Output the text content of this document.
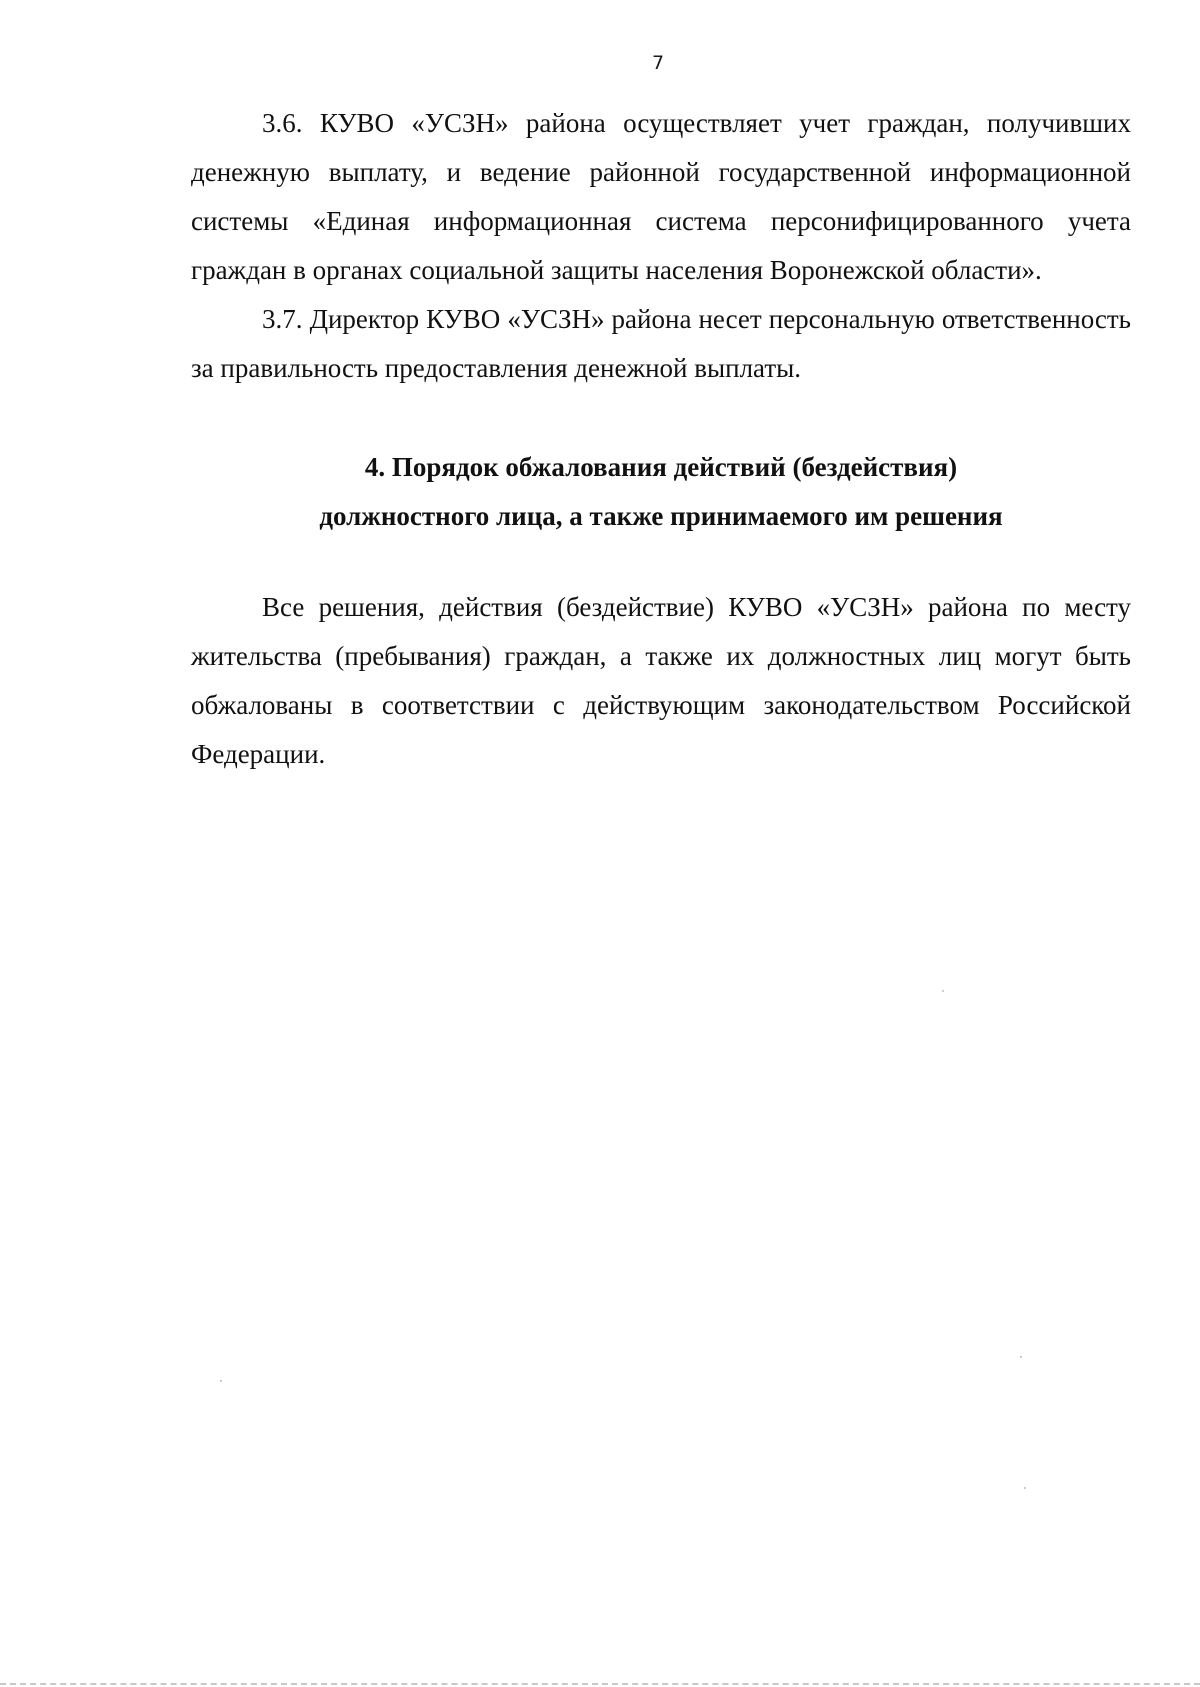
7

3.6. КУВО «УСЗН» района осуществляет учет граждан, получивших денежную выплату, и ведение районной государственной информационной системы «Единая информационная система персонифицированного учета граждан в органах социальной защиты населения Воронежской области».

3.7. Директор КУВО «УСЗН» района несет персональную ответственность за правильность предоставления денежной выплаты.

4. Порядок обжалования действий (бездействия)
должностного лица, а также принимаемого им решения

Все решения, действия (бездействие) КУВО «УСЗН» района по месту жительства (пребывания) граждан, а также их должностных лиц могут быть обжалованы в соответствии с действующим законодательством Российской Федерации.
